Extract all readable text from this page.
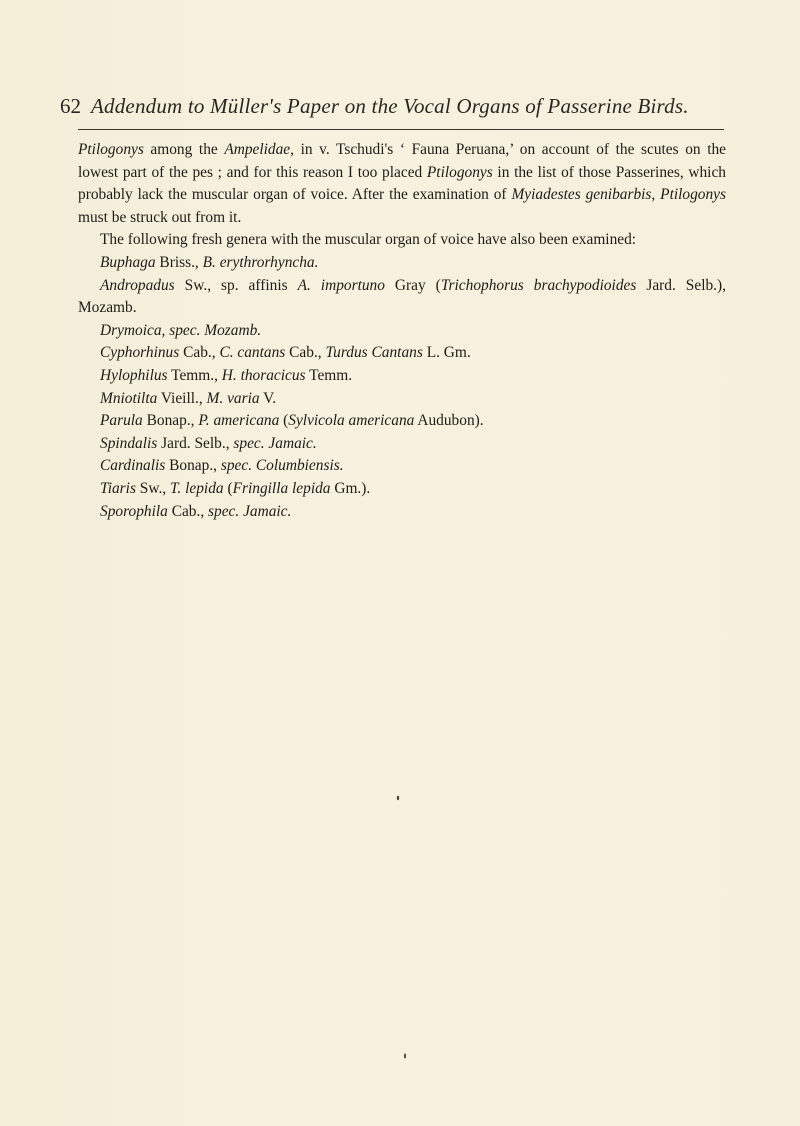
62 Addendum to Müller's Paper on the Vocal Organs of Passerine Birds.

Ptilogonys among the Ampelidae, in v. Tschudi's ‘ Fauna Peruana,’ on account of the scutes on the lowest part of the pes ; and for this reason I too placed Ptilogonys in the list of those Passerines, which probably lack the muscular organ of voice. After the examination of Myiadestes genibarbis, Ptilogonys must be struck out from it.

The following fresh genera with the muscular organ of voice have also been examined:

Buphaga Briss., B. erythrorhyncha.

Andropadus Sw., sp. affinis A. importuno Gray (Trichophorus brachypodioides Jard. Selb.), Mozamb.

Drymoica, spec. Mozamb.

Cyphorhinus Cab., C. cantans Cab., Turdus Cantans L. Gm.

Hylophilus Temm., H. thoracicus Temm.

Mniotilta Vieill., M. varia V.

Parula Bonap., P. americana (Sylvicola americana Audubon).

Spindalis Jard. Selb., spec. Jamaic.

Cardinalis Bonap., spec. Columbiensis.

Tiaris Sw., T. lepida (Fringilla lepida Gm.).

Sporophila Cab., spec. Jamaic.
